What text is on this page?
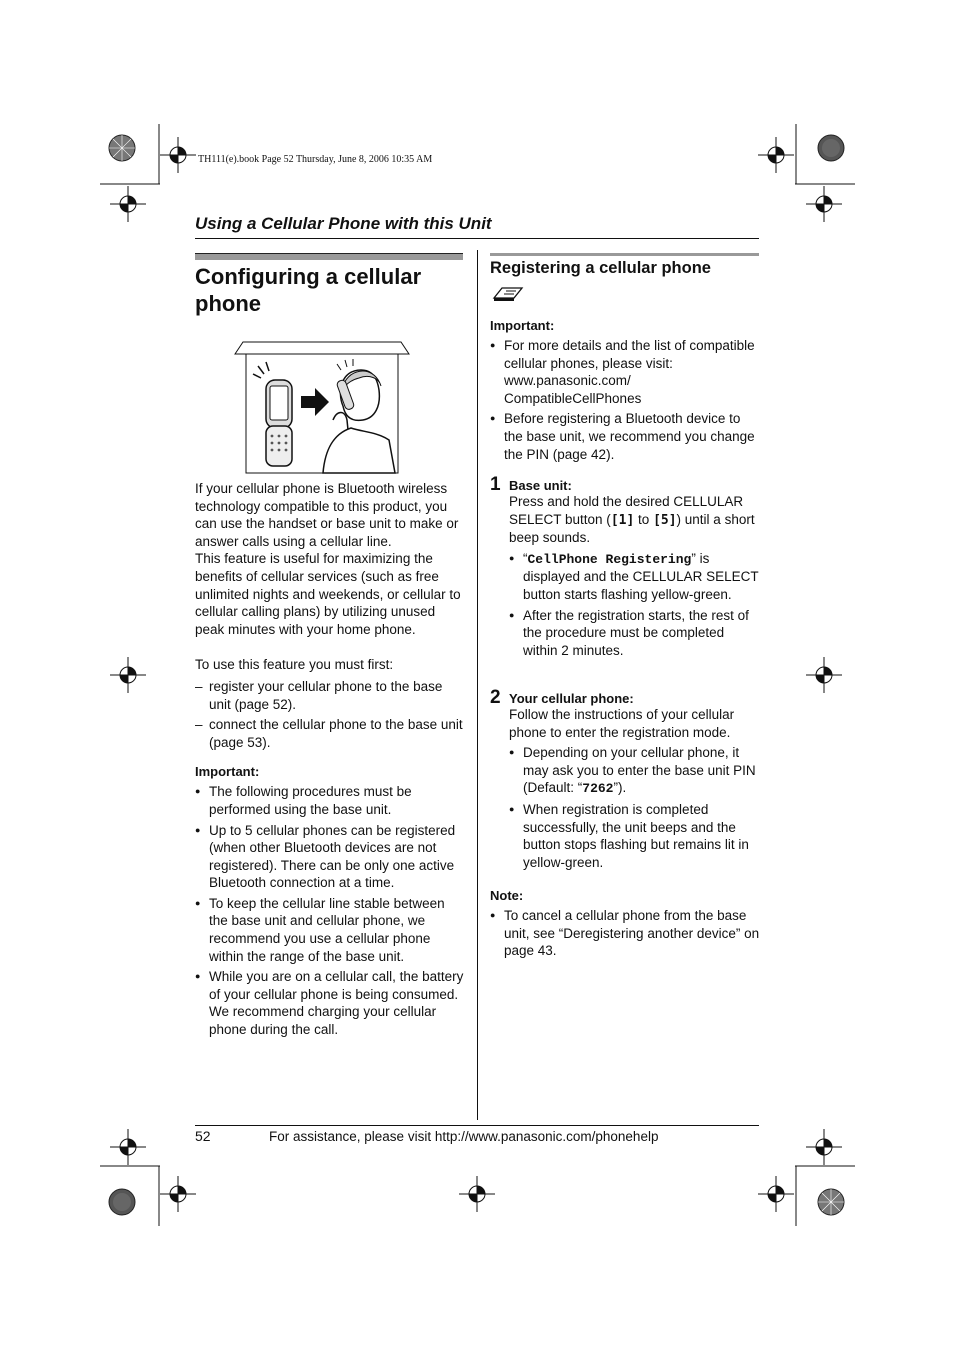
TH111(e).book Page 52 Thursday, June 8, 2006 10:35 AM
Using a Cellular Phone with this Unit
Configuring a cellular
phone

If your cellular phone is Bluetooth wireless technology compatible to this product, you can use the handset or base unit to make or answer calls using a cellular line.

This feature is useful for maximizing the benefits of cellular services (such as free unlimited nights and weekends, or cellular to cellular calling plans) by utilizing unused peak minutes with your home phone.

To use this feature you must first:

– register your cellular phone to the base unit (page 52).
– connect the cellular phone to the base unit (page 53).

Important:

● The following procedures must be performed using the base unit.
● Up to 5 cellular phones can be registered (when other Bluetooth devices are not registered). There can be only one active Bluetooth connection at a time.
● To keep the cellular line stable between the base unit and cellular phone, we recommend you use a cellular phone within the range of the base unit.
● While you are on a cellular call, the battery of your cellular phone is being consumed. We recommend charging your cellular phone during the call.
Registering a cellular phone

Important:

● For more details and the list of compatible cellular phones, please visit: www.panasonic.com/ CompatibleCellPhones
● Before registering a Bluetooth device to the base unit, we recommend you change the PIN (page 42).
1 Base unit:
Press and hold the desired CELLULAR SELECT button ([1] to [5]) until a short beep sounds.
● “CellPhone Registering” is displayed and the CELLULAR SELECT button starts flashing yellow-green.
● After the registration starts, the rest of the procedure must be completed within 2 minutes.
2 Your cellular phone:
Follow the instructions of your cellular phone to enter the registration mode.
● Depending on your cellular phone, it may ask you to enter the base unit PIN (Default: “7262”).
● When registration is completed successfully, the unit beeps and the button stops flashing but remains lit in yellow-green.

Note:

● To cancel a cellular phone from the base unit, see “Deregistering another device” on page 43.
52	For assistance, please visit http://www.panasonic.com/phonehelp
